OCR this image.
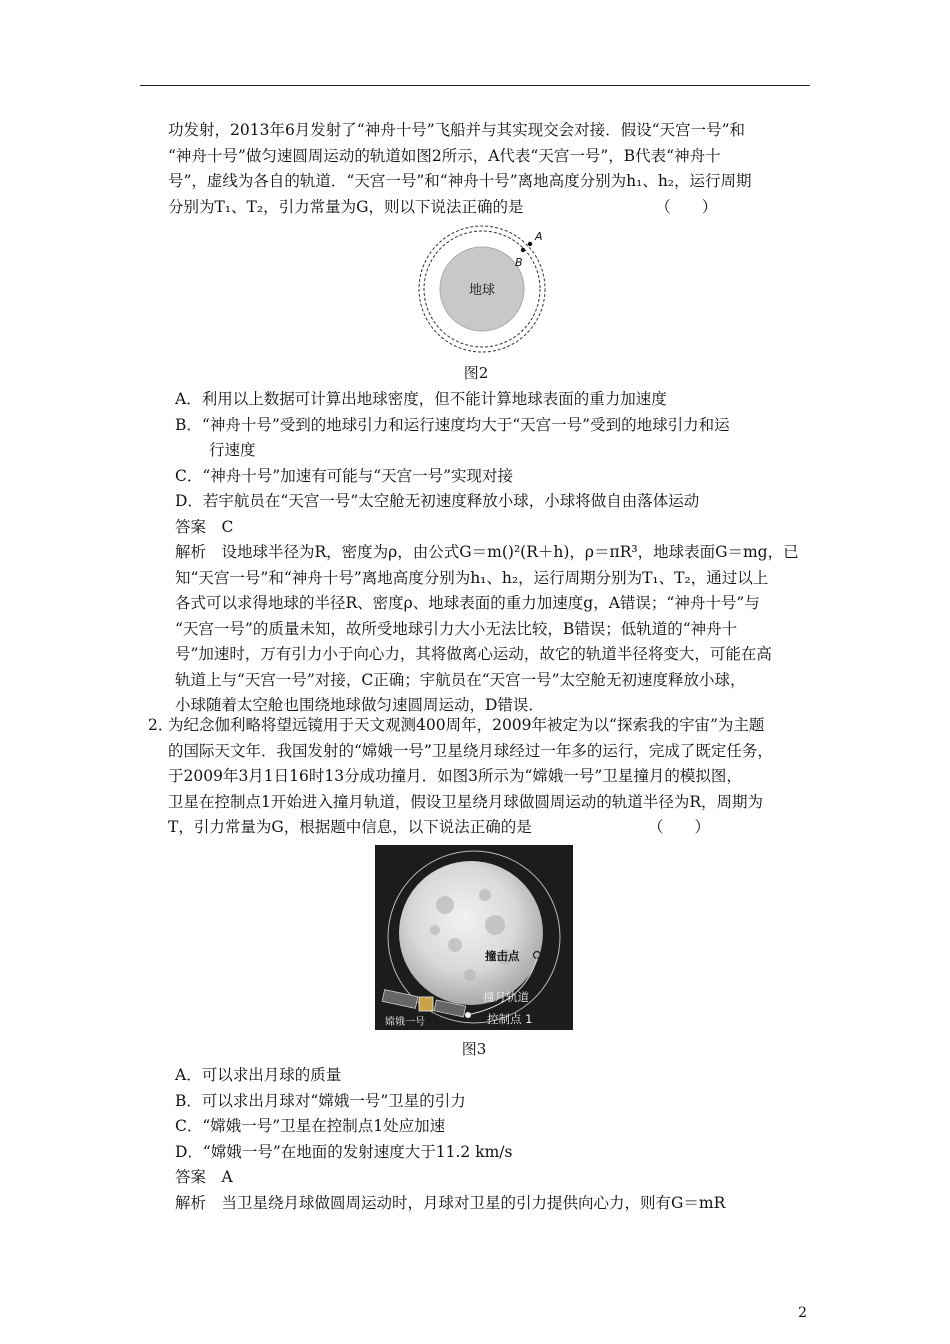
功发射，2013年6月发射了“神舟十号”飞船并与其实现交会对接．假设“天宫一号”和
“神舟十号”做匀速圆周运动的轨道如图2所示，A代表“天宫一号”，B代表“神舟十
号”，虚线为各自的轨道．“天宫一号”和“神舟十号”离地高度分别为h₁、h₂，运行周期
分别为T₁、T₂，引力常量为G，则以下说法正确的是　　　　　　　　　（　　）
地球
A
B
图2
A．利用以上数据可计算出地球密度，但不能计算地球表面的重力加速度
B．“神舟十号”受到的地球引力和运行速度均大于“天宫一号”受到的地球引力和运
行速度
C．“神舟十号”加速有可能与“天宫一号”实现对接
D．若宇航员在“天宫一号”太空舱无初速度释放小球，小球将做自由落体运动
答案　C
解析　设地球半径为R，密度为ρ，由公式G＝m()²(R＋h)，ρ＝πR³，地球表面G＝mg，已
知“天宫一号”和“神舟十号”离地高度分别为h₁、h₂，运行周期分别为T₁、T₂，通过以上
各式可以求得地球的半径R、密度ρ、地球表面的重力加速度g，A错误；“神舟十号”与
“天宫一号”的质量未知，故所受地球引力大小无法比较，B错误；低轨道的“神舟十
号”加速时，万有引力小于向心力，其将做离心运动，故它的轨道半径将变大，可能在高
轨道上与“天宫一号”对接，C正确；宇航员在“天宫一号”太空舱无初速度释放小球，
小球随着太空舱也围绕地球做匀速圆周运动，D错误．
2．
为纪念伽利略将望远镜用于天文观测400周年，2009年被定为以“探索我的宇宙”为主题
的国际天文年．我国发射的“嫦娥一号”卫星绕月球经过一年多的运行，完成了既定任务，
于2009年3月1日16时13分成功撞月．如图3所示为“嫦娥一号”卫星撞月的模拟图，
卫星在控制点1开始进入撞月轨道，假设卫星绕月球做圆周运动的轨道半径为R，周期为
T，引力常量为G，根据题中信息，以下说法正确的是　　　　　　　　（　　）
撞击点
撞月轨道
控制点 1
嫦娥一号
图3
A．可以求出月球的质量
B．可以求出月球对“嫦娥一号”卫星的引力
C．“嫦娥一号”卫星在控制点1处应加速
D．“嫦娥一号”在地面的发射速度大于11.2 km/s
答案　A
解析　当卫星绕月球做圆周运动时，月球对卫星的引力提供向心力，则有G＝mR
2
